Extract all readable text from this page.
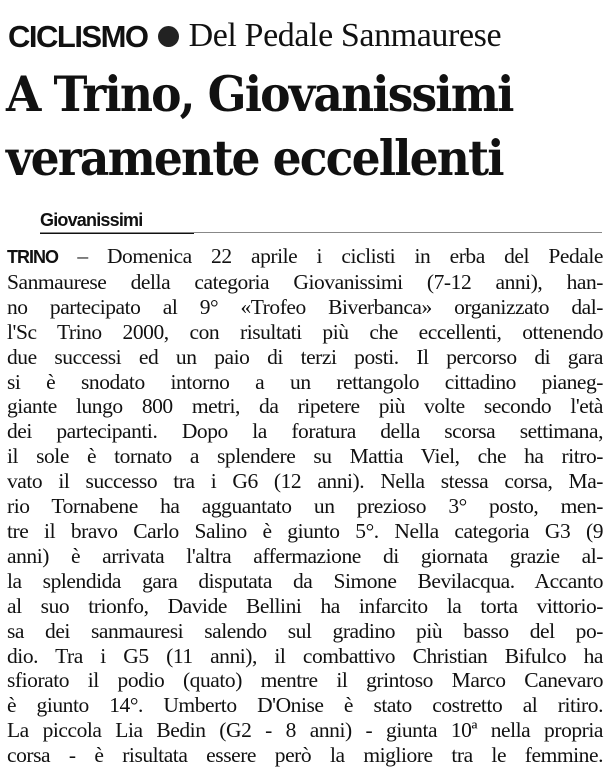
CICLISMO Del Pedale Sanmaurese
A Trino, Giovanissimi
veramente eccellenti
Giovanissimi

TRINO – Domenica 22 aprile i ciclisti in erba del Pedale
Sanmaurese della categoria Giovanissimi (7-12 anni), han-
no partecipato al 9° «Trofeo Biverbanca» organizzato dal-
l'Sc Trino 2000, con risultati più che eccellenti, ottenendo
due successi ed un paio di terzi posti. Il percorso di gara
si è snodato intorno a un rettangolo cittadino pianeg-
giante lungo 800 metri, da ripetere più volte secondo l'età
dei partecipanti. Dopo la foratura della scorsa settimana,
il sole è tornato a splendere su Mattia Viel, che ha ritro-
vato il successo tra i G6 (12 anni). Nella stessa corsa, Ma-
rio Tornabene ha agguantato un prezioso 3° posto, men-
tre il bravo Carlo Salino è giunto 5°. Nella categoria G3 (9
anni) è arrivata l'altra affermazione di giornata grazie al-
la splendida gara disputata da Simone Bevilacqua. Accanto
al suo trionfo, Davide Bellini ha infarcito la torta vittorio-
sa dei sanmauresi salendo sul gradino più basso del po-
dio. Tra i G5 (11 anni), il combattivo Christian Bifulco ha
sfiorato il podio (quato) mentre il grintoso Marco Canevaro
è giunto 14°. Umberto D'Onise è stato costretto al ritiro.
La piccola Lia Bedin (G2 - 8 anni) - giunta 10ª nella propria
corsa - è risultata essere però la migliore tra le femmine.
